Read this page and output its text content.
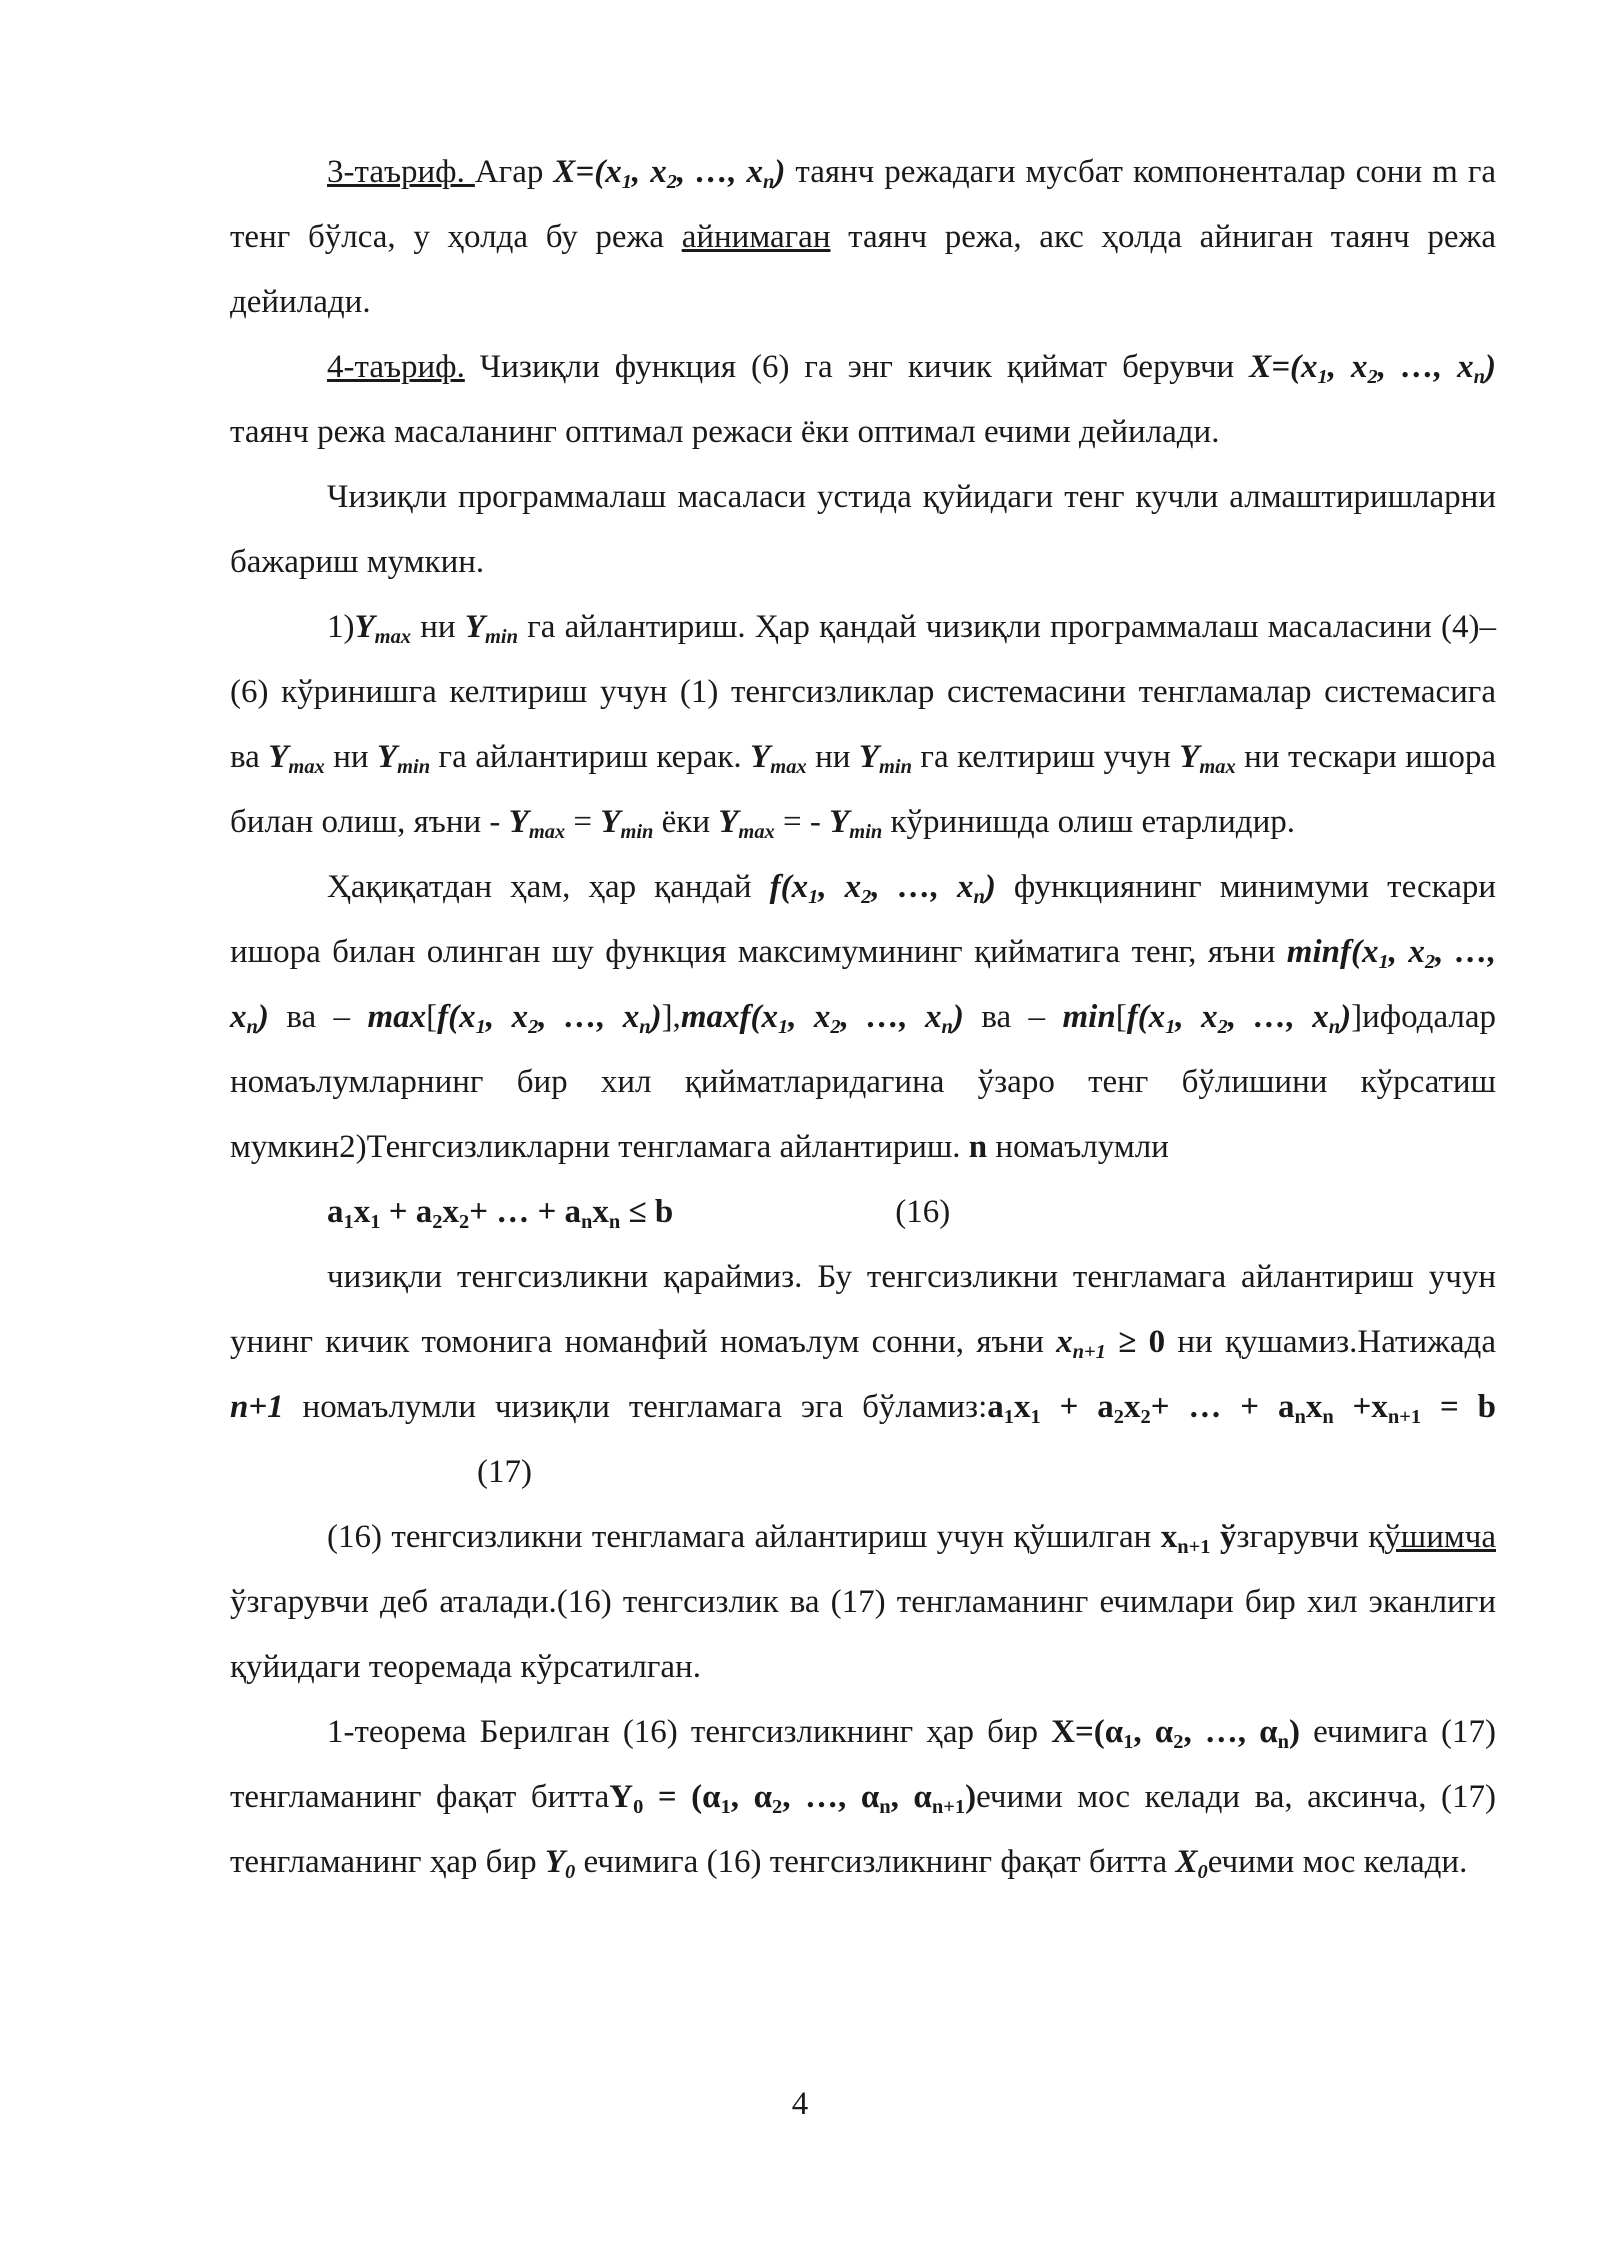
3-таъриф. Агар $X=(x_1$, $x_2$, …, $x_n$) таянч режадаги мусбат компоненталар сони m га тенг бўлса, у ҳолда бу режа айнимаган таянч режа, акс ҳолда айниган таянч режа дейилади.

4-таъриф. Чизиқли функция (6) га энг кичик қиймат берувчи $X=(x_1$, $x_2$, …, $x_n$) таянч режа масаланинг оптимал режаси ёки оптимал ечими дейилади.

Чизиқли программалаш масаласи устида қуйидаги тенг кучли алмаштиришларни бажариш мумкин.

$1)Y_{max}$ ни $Y_{min}$ га айлантириш. Ҳар қандай чизиқли программалаш масаласини (4)–(6) кўринишга келтириш учун (1) тенгсизликлар системасини тенгламалар системасига ва $Y_{max}$ ни $Y_{min}$ га айлантириш керак. $Y_{max}$ ни $Y_{min}$ га келтириш учун $Y_{max}$ ни тескари ишора билан олиш, яъни - $Y_{max} = Y_{min}$ ёки $Y_{max}$ = - $Y_{min}$ кўринишда олиш етарлидир.

Ҳақиқатдан ҳам, ҳар қандай $f(x_1$, $x_2$, …, $x_n$) функциянинг минимуми тескари ишора билан олинган шу функция максимумининг қийматига тенг, яъни $\min f(x_1$, $x_2$, …, $x_n$) ва – $\max[f(x_1$, $x_2$, …, $x_n)],\max f(x_1$, $x_2$, …, $x_n$) ва – $\min[f(x_1$, $x_2$, …, $x_n)]ифодалар$ номаълумларнинг бир хил қийматларидагина ўзаро тенг бўлишини кўрсатиш мумкин2)Тенгсизликларни тенгламага айлантириш. n номаълумли

$a_1x_1 + a_2x_2+$ … + $a_nx_n \le b$	(16)

чизиқли тенгсизликни қараймиз. Бу тенгсизликни тенгламага айлантириш учун унинг кичик томонига номанфий номаълум сонни, яъни $x_{n+1} \ge 0$ ни қушамиз.Натижада n+1 номаълумли чизиқли тенгламага эга $бўламиз:a_1x_1 + a_2x_2+$ … + $a_nx_n +x_{n+1} = b(17)$

(16) тенгсизликни тенгламага айлантириш учун қўшилган $x_{n+1}$ ўзгарувчи қўшимча ўзгарувчи деб аталади.(16) тенгсизлик ва (17) тенгламанинг ечимлари бир хил эканлиги қуйидаги теоремада кўрсатилган.

1-теорема Берилган (16) тенгсизликнинг ҳар бир $X=(\alpha_1$, $\alpha_2$, …, $\alpha_n$) ечимига (17) тенгламанинг фақат биттаY$_0$ = ($\alpha_1$, $\alpha_2$, …, $\alpha_n$, $\alpha_{n+1})ечими$ мос келади ва, аксинча, (17) тенгламанинг ҳар бир $Y_0$ ечимига (16) тенгсизликнинг фақат битта $X_0ечими$ мос келади.

4
